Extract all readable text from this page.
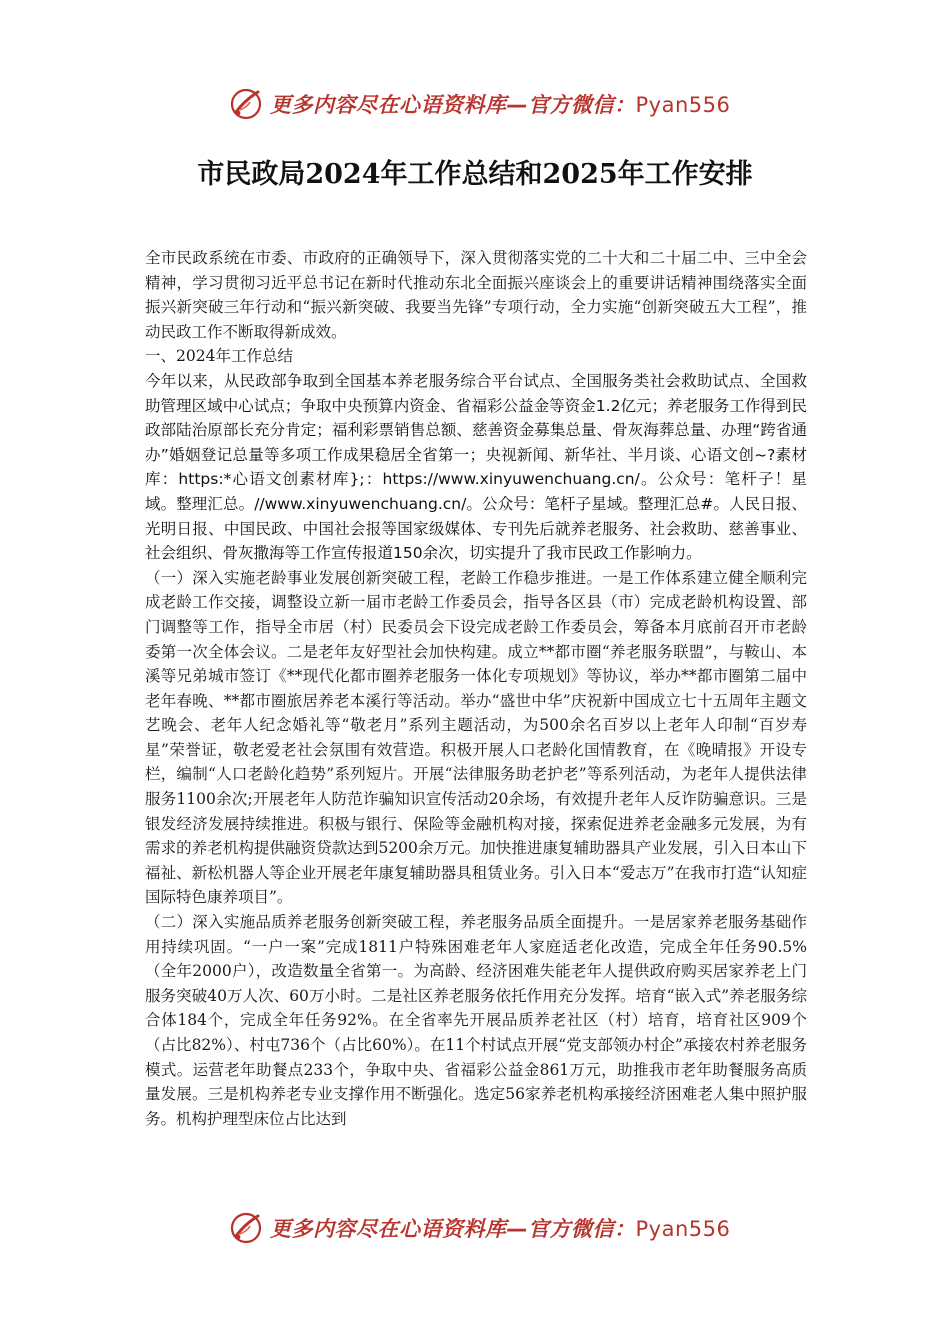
更多内容尽在心语资料库—官方微信：Pyan556
市民政局2024年工作总结和2025年工作安排

全市民政系统在市委、市政府的正确领导下，深入贯彻落实党的二十大和二十届二中、三中全会精神，学习贯彻习近平总书记在新时代推动东北全面振兴座谈会上的重要讲话精神围绕落实全面振兴新突破三年行动和“振兴新突破、我要当先锋”专项行动，全力实施“创新突破五大工程”，推动民政工作不断取得新成效。

一、2024年工作总结

今年以来，从民政部争取到全国基本养老服务综合平台试点、全国服务类社会救助试点、全国救助管理区域中心试点；争取中央预算内资金、省福彩公益金等资金1.2亿元；养老服务工作得到民政部陆治原部长充分肯定；福利彩票销售总额、慈善资金募集总量、骨灰海葬总量、办理“跨省通办”婚姻登记总量等多项工作成果稳居全省第一；央视新闻、新华社、半月谈、心语文创~?素材库：https:*心语文创素材库};：https://www.xinyuwenchuang.cn/。公众号：笔杆子！星域。整理汇总。//www.xinyuwenchuang.cn/。公众号：笔杆子星域。整理汇总#。人民日报、光明日报、中国民政、中国社会报等国家级媒体、专刊先后就养老服务、社会救助、慈善事业、社会组织、骨灰撒海等工作宣传报道150余次，切实提升了我市民政工作影响力。

（一）深入实施老龄事业发展创新突破工程，老龄工作稳步推进。一是工作体系建立健全顺利完成老龄工作交接，调整设立新一届市老龄工作委员会，指导各区县（市）完成老龄机构设置、部门调整等工作，指导全市居（村）民委员会下设完成老龄工作委员会，筹备本月底前召开市老龄委第一次全体会议。二是老年友好型社会加快构建。成立**都市圈“养老服务联盟”，与鞍山、本溪等兄弟城市签订《**现代化都市圈养老服务一体化专项规划》等协议，举办**都市圈第二届中老年春晚、**都市圈旅居养老本溪行等活动。举办“盛世中华”庆祝新中国成立七十五周年主题文艺晚会、老年人纪念婚礼等“敬老月”系列主题活动，为500余名百岁以上老年人印制“百岁寿星”荣誉证，敬老爱老社会氛围有效营造。积极开展人口老龄化国情教育，在《晚晴报》开设专栏，编制“人口老龄化趋势”系列短片。开展“法律服务助老护老”等系列活动，为老年人提供法律服务1100余次;开展老年人防范诈骗知识宣传活动20余场，有效提升老年人反诈防骗意识。三是银发经济发展持续推进。积极与银行、保险等金融机构对接，探索促进养老金融多元发展，为有需求的养老机构提供融资贷款达到5200余万元。加快推进康复辅助器具产业发展，引入日本山下福祉、新松机器人等企业开展老年康复辅助器具租赁业务。引入日本“爱志万”在我市打造“认知症国际特色康养项目”。

（二）深入实施品质养老服务创新突破工程，养老服务品质全面提升。一是居家养老服务基础作用持续巩固。“一户一案”完成1811户特殊困难老年人家庭适老化改造，完成全年任务90.5%（全年2000户），改造数量全省第一。为高龄、经济困难失能老年人提供政府购买居家养老上门服务突破40万人次、60万小时。二是社区养老服务依托作用充分发挥。培育“嵌入式”养老服务综合体184个，完成全年任务92%。在全省率先开展品质养老社区（村）培育，培育社区909个（占比82%）、村屯736个（占比60%）。在11个村试点开展“党支部领办村企”承接农村养老服务模式。运营老年助餐点233个，争取中央、省福彩公益金861万元，助推我市老年助餐服务高质量发展。三是机构养老专业支撑作用不断强化。选定56家养老机构承接经济困难老人集中照护服务。机构护理型床位占比达到

更多内容尽在心语资料库—官方微信：Pyan556
